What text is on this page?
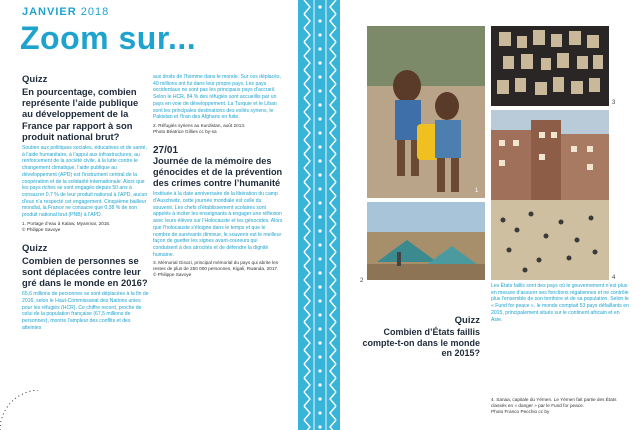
JANVIER 2018
Zoom sur...
Quizz
En pourcentage, combien représente l’aide publique au développement de la France par rapport à son produit national brut?
Soutien aux politiques sociales, éducatives et de santé, à l’aide humanitaire, à l’appui aux infrastructures, au renforcement de la société civile, à la lutte contre le changement climatique, l’aide publique au développement (APD) est l’instrument central de la coopération et de la solidarité internationale. Alors que les pays riches se sont engagés depuis 50 ans à consacrer 0,7 % de leur produit national à l’APD, aucun d’eux n’a respecté cet engagement. Cinquième bailleur mondial, la France ne consacre que 0,38 % de son produit national brut (PNB) à l’APD.
1. Portage d’eau à Kalaw, Myanmar, 2016.
© Philippe Savoye
Quizz
Combien de personnes se sont déplacées contre leur gré dans le monde en 2016?
65,6 millions de personnes se sont déplacées à la fin de 2016, selon le Haut-Commissariat des Nations unies pour les réfugiés (HCR). Ce chiffre record, proche de celui de la population française (67,5 millions de personnes), montre l’ampleur des conflits et des atteintes
aux droits de l’homme dans le monde. Sur ces déplacés, 40 millions ont fui dans leur propre pays. Les pays occidentaux ne sont pas les principaux pays d’accueil. Selon le HCR, 84 % des réfugiés sont accueillis par un pays en voie de développement. La Turquie et le Liban sont les principales destinations des exilés syriens, le Pakistan et l’Iran des Afghans en fuite.
2. Réfugiés syriens au Kurdistan, août 2013.
Photo Béatrice Gillies cc by-sa
27/01
Journée de la mémoire des génocides et de la prévention des crimes contre l’humanité
Instituée à la date anniversaire de la libération du camp d’Auschwitz, cette journée mondiale est celle du souvenir. Les chefs d’établissement scolaires sont appelés à inciter les enseignants à engager une réflexion avec leurs élèves sur l’Holocauste et les génocides. Alors que l’holocauste s’éloigne dans le temps et que le nombre de survivants diminue, le souvenir est le meilleur façon de guetter les signes avant-coureurs qui conduisent à des atrocités et de défendre la dignité humaine.
3. Mémorial Gisozi, principal mémorial du pays qui abrite les restes de plus de 250 000 personnes, Kigali, Rwanda, 2017.
© Philippe Savoye
1
3
2	4
Quizz
Combien d’États faillis compte-t-on dans le monde en 2015?
Les États faillis sont des pays où le gouvernement n’est plus en mesure d’assurer ses fonctions régaliennes et ne contrôle plus l’ensemble de son territoire et de sa population. Selon le « Fund for peace », le monde comptait 53 pays défaillants en 2015, principalement situés sur le continent africain et en Asie.
4. Sanaa, capitale du Yémen. Le Yémen fait partie des États classés en « danger » par le Fund for peace.
Photo Franco Pecchio cc by
